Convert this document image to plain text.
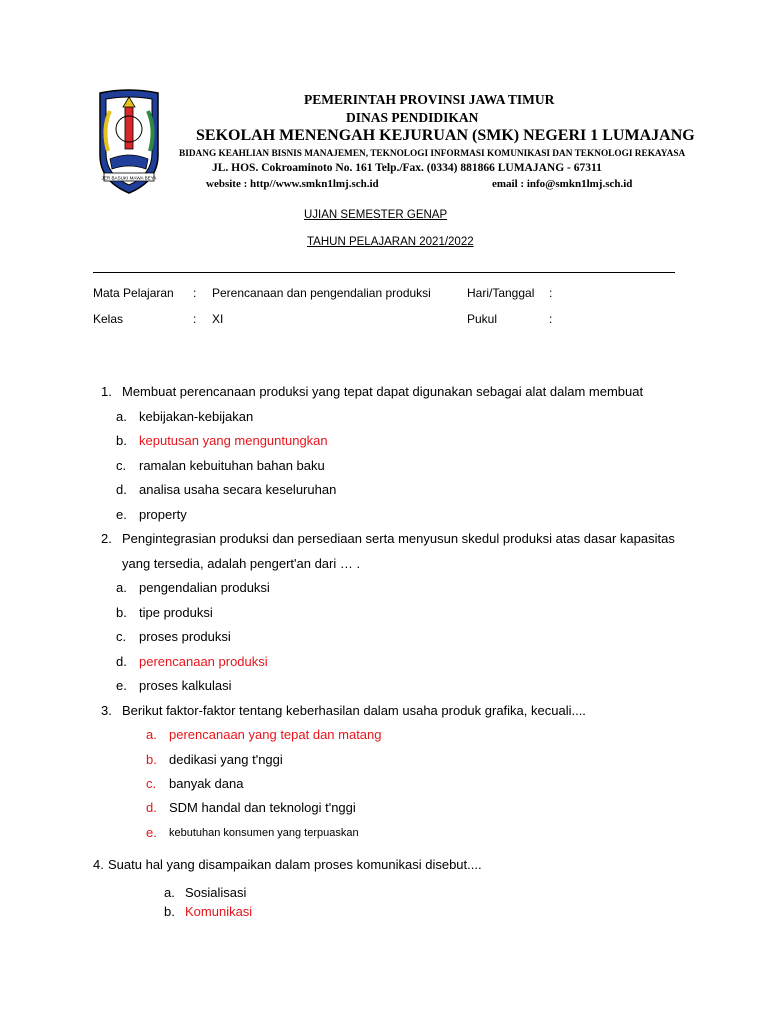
JER BASUKI MAWA BEYA
PEMERINTAH PROVINSI JAWA TIMUR
DINAS PENDIDIKAN
SEKOLAH MENENGAH KEJURUAN (SMK) NEGERI 1 LUMAJANG
BIDANG KEAHLIAN BISNIS MANAJEMEN, TEKNOLOGI INFORMASI KOMUNIKASI DAN TEKNOLOGI REKAYASA
JL. HOS. Cokroaminoto No. 161 Telp./Fax. (0334) 881866 LUMAJANG - 67311
website : http//www.smkn1lmj.sch.id	email : info@smkn1lmj.sch.id
UJIAN SEMESTER GENAP
TAHUN PELAJARAN 2021/2022
Mata Pelajaran : Perencanaan dan pengendalian produksi	Hari/Tanggal :
Kelas	: XI	Pukul	:
1. Membuat perencanaan produksi yang tepat dapat digunakan sebagai alat dalam membuat
a. kebijakan-kebijakan
b. keputusan yang menguntungkan
c. ramalan kebuituhan bahan baku
d. analisa usaha secara keseluruhan
e. property
2. Pengintegrasian produksi dan persediaan serta menyusun skedul produksi atas dasar kapasitas
yang tersedia, adalah pengert'an dari … .
a. pengendalian produksi
b. tipe produksi
c. proses produksi
d. perencanaan produksi
e. proses kalkulasi
3. Berikut faktor-faktor tentang keberhasilan dalam usaha produk grafika, kecuali....
a. perencanaan yang tepat dan matang
b. dedikasi yang t'nggi
c. banyak dana
d. SDM handal dan teknologi t'nggi
e. kebutuhan konsumen yang terpuaskan
4. Suatu hal yang disampaikan dalam proses komunikasi disebut....
a. Sosialisasi
b. Komunikasi
